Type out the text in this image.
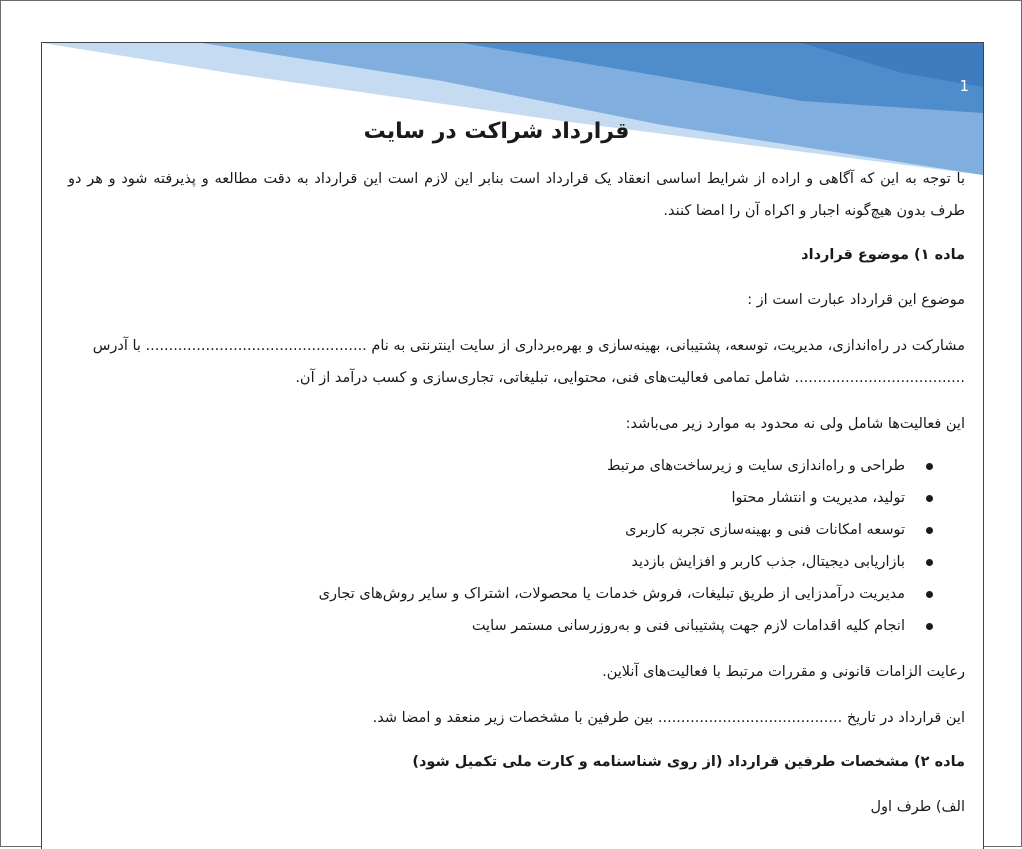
1
قرارداد شراکت در سایت

با توجه به این که آگاهی و اراده از شرایط اساسی انعقاد یک قرارداد است بنابر این لازم است این قرارداد به دقت مطالعه و پذیرفته شود و هر دو طرف بدون هیچ‌گونه اجبار و اکراه آن را امضا کنند.

ماده ۱) موضوع قرارداد

موضوع این قرارداد عبارت است از :

مشارکت در راه‌اندازی، مدیریت، توسعه، پشتیبانی، بهینه‌سازی و بهره‌برداری از سایت اینترنتی به نام ................................................ با آدرس

..................................... شامل تمامی فعالیت‌های فنی، محتوایی، تبلیغاتی، تجاری‌سازی و کسب درآمد از آن.

این فعالیت‌ها شامل ولی نه محدود به موارد زیر می‌باشد:

طراحی و راه‌اندازی سایت و زیرساخت‌های مرتبط
تولید، مدیریت و انتشار محتوا
توسعه امکانات فنی و بهینه‌سازی تجربه کاربری
بازاریابی دیجیتال، جذب کاربر و افزایش بازدید
مدیریت درآمدزایی از طریق تبلیغات، فروش خدمات یا محصولات، اشتراک و سایر روش‌های تجاری
انجام کلیه اقدامات لازم جهت پشتیبانی فنی و به‌روزرسانی مستمر سایت

رعایت الزامات قانونی و مقررات مرتبط با فعالیت‌های آنلاین.

این قرارداد در تاریخ ........................................ بین طرفین با مشخصات زیر منعقد و امضا شد.

ماده ۲) مشخصات طرفین قرارداد (از روی شناسنامه و کارت ملی تکمیل شود)

الف) طرف اول
